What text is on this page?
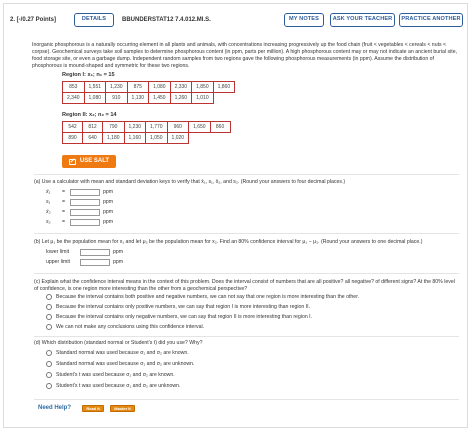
2. [-/0.27 Points]	DETAILS	BBUNDERSTAT12 7.4.012.MI.S.	MY NOTES	ASK YOUR TEACHER	PRACTICE ANOTHER
Inorganic phosphorous is a naturally occurring element in all plants and animals, with concentrations increasing progressively up the food chain (fruit < vegetables < cereals < nuts < corpse). Geochemical surveys take soil samples to determine phosphorous content (in ppm, parts per million). A high phosphorous content may or may not indicate an ancient burial site, food storage site, or even a garbage dump. Independent random samples from two regions gave the following phosphorous measurements (in ppm). Assume the distribution of phosphorous is mound-shaped and symmetric for these two regions.
Region I: x₁; n₁ = 15
853	1,551	1,230	875	1,080	2,330	1,850	1,860
2,340	1,080	910	1,130	1,450	1,260	1,010	
Region II: x₂; n₂ = 14
542	812	790	1,230	1,770	960	1,650	860
890	640	1,180	1,160	1,050	1,020		
USE SALT
(a) Use a calculator with mean and standard deviation keys to verify that x̄₁, s₁, x̄₂, and s₂. (Round your answers to four decimal places.)
x̄₁	=	ppm
s₁	=	ppm
x̄₂	=	ppm
s₂	=	ppm
(b) Let μ₁ be the population mean for x₁ and let μ₂ be the population mean for x₂. Find an 80% confidence interval for μ₁ − μ₂. (Round your answers to one decimal place.)
lower limit	ppm
upper limit	ppm
(c) Explain what the confidence interval means in the context of this problem. Does the interval consist of numbers that are all positive? all negative? of different signs? At the 80% level of confidence, is one region more interesting than the other from a geochemical perspective?
Because the interval contains both positive and negative numbers, we can not say that one region is more interesting than the other.
Because the interval contains only positive numbers, we can say that region I is more interesting than region II.
Because the interval contains only negative numbers, we can say that region II is more interesting than region I.
We can not make any conclusions using this confidence interval.
(d) Which distribution (standard normal or Student's t) did you use? Why?
Standard normal was used because σ₁ and σ₂ are known.
Standard normal was used because σ₁ and σ₂ are unknown.
Student's t was used because σ₁ and σ₂ are known.
Student's t was used because σ₁ and σ₂ are unknown.
Need Help?	Read It	Master It
